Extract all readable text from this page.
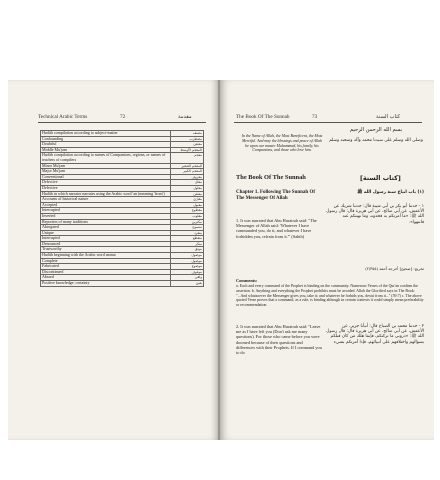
Technical Arabic Terms	72	مقدمة
Hadith compilation according to subject-matter	مصنف
Confounding	مضطرب
Doubtful	معنعن
Middle Mu'jam	المعجم الأوسط
Hadith compilation according to names of Companions, regions, or names of teachers of compilers	معجم
Minor Mu'jam	المعجم الصغير
Major Mu'jam	المعجم الكبير
Conventional	معروف
Defective	معلل
Defective	معلول
Hadith in which narrator narrates using the Arabic word 'an (meaning 'from')	معنعن
Accounts of historical nature	مغازي
Accepted	مقبول
Interrupted	مقطوع
Inverted	مقلوب
Reporters of many traditions	مكثرين
Abrogated	منسوخ
Unique	منفرد
Interrupted	منقطع
Denounced	منكر
Trustworthy	موثق
Hadith beginning with the Arabic word amma	موصول
Complete	موصول
Fabricated	موضوع
Discontinued	موقوف
Absurd	واهي
Positive knowledge; certainty	يقين
The Book Of The Sunnah	73	كتاب السنة
بسم الله الرحمن الرحيم
وصلى الله وسلم على سيدنا محمد وآله وصحبه وسلم
In the Name of Allah, the Most Beneficent, the Most Merciful. And may the blessings and peace of Allah be upon our master Muhammad, his family, his Companions, and those who love him.
The Book Of The Sunnah	[كتاب السنة]
Chapter 1. Following The Sunnah Of The Messenger Of Allah
(١) باب اتباع سنة رسول الله ﷺ
1. It was narrated that Abu Hurairah said: "The Messenger of Allah said: 'Whatever I have commanded you, do it, and whatever I have forbidden you, refrain from it.'" (Sahih)
١ - حدثنا أبو بكر بن أبي شيبة قال: حدثنا شريك عن الأعمش، عن أبي صالح، عن أبي هريرة قال: قال رسول الله ﷺ: «ما أمرتكم به فخذوه، وما نهيتكم عنه فانتهوا».
تخريج: [صحيح] أخرجه أحمد (٢/٣٥٥)
Comments:
a. Each and every command of the Prophet is binding on the community. Numerous Verses of the Qur'an confirm the assertion. b. Anything and everything the Prophet prohibits must be avoided. Allah the Glorified says in The Book: "...And whatsoever the Messenger gives you, take it; and whatever he forbids you, desist from it..." (59:7) c. The above quoted Verse proves that a command, as a rule, is binding although in certain contexts it could simply mean preferability or recommendation.
2. It was narrated that Abu Hurairah said: "Leave me as I have left you (Don't ask me many questions). For those who came before you were doomed because of their questions and differences with their Prophets. If I command you to do
٢ - حدثنا محمد بن الصباح قال: أنبأنا جرير، عن الأعمش، عن أبي صالح، عن أبي هريرة قال: قال رسول الله ﷺ: «ذروني ما تركتكم، فإنما هلك من كان قبلكم بسؤالهم واختلافهم على أنبيائهم، فإذا أمرتكم بشيء
